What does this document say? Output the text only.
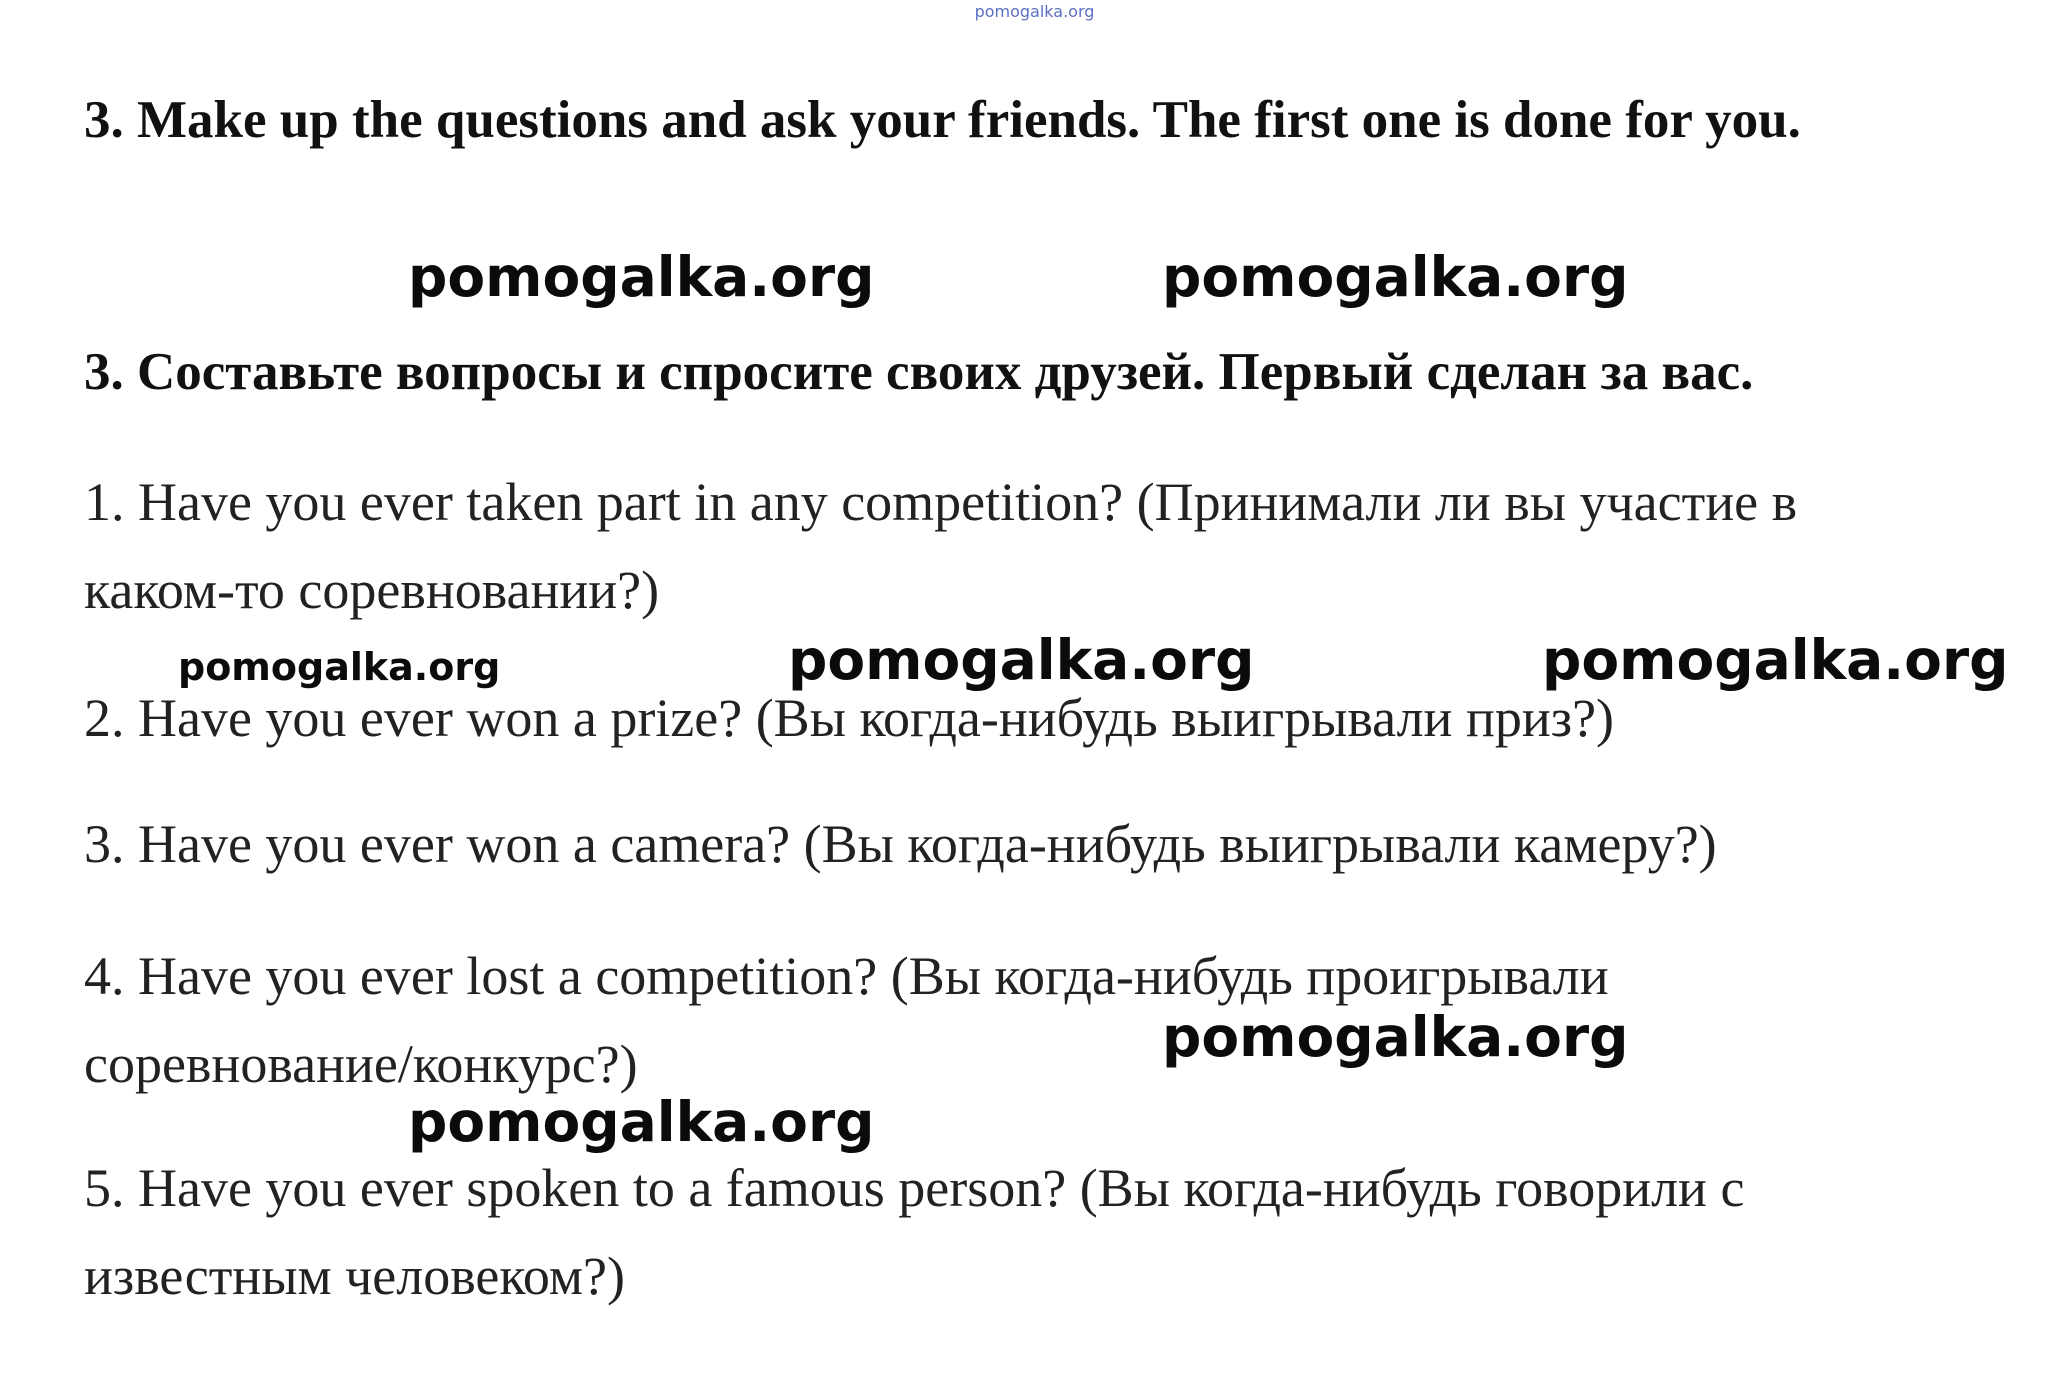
pomogalka.org
3. Make up the questions and ask your friends. The first one is done for you.
pomogalka.org	pomogalka.org
3. Составьте вопросы и спросите своих друзей. Первый сделан за вас.
1. Have you ever taken part in any competition? (Принимали ли вы участие в
каком-то соревновании?)
pomogalka.org	pomogalka.org	pomogalka.org
2. Have you ever won a prize? (Вы когда-нибудь выигрывали приз?)
3. Have you ever won a camera? (Вы когда-нибудь выигрывали камеру?)
4. Have you ever lost a competition? (Вы когда-нибудь проигрывали
соревнование/конкурс?)	pomogalka.org
pomogalka.org
5. Have you ever spoken to a famous person? (Вы когда-нибудь говорили с
известным человеком?)
